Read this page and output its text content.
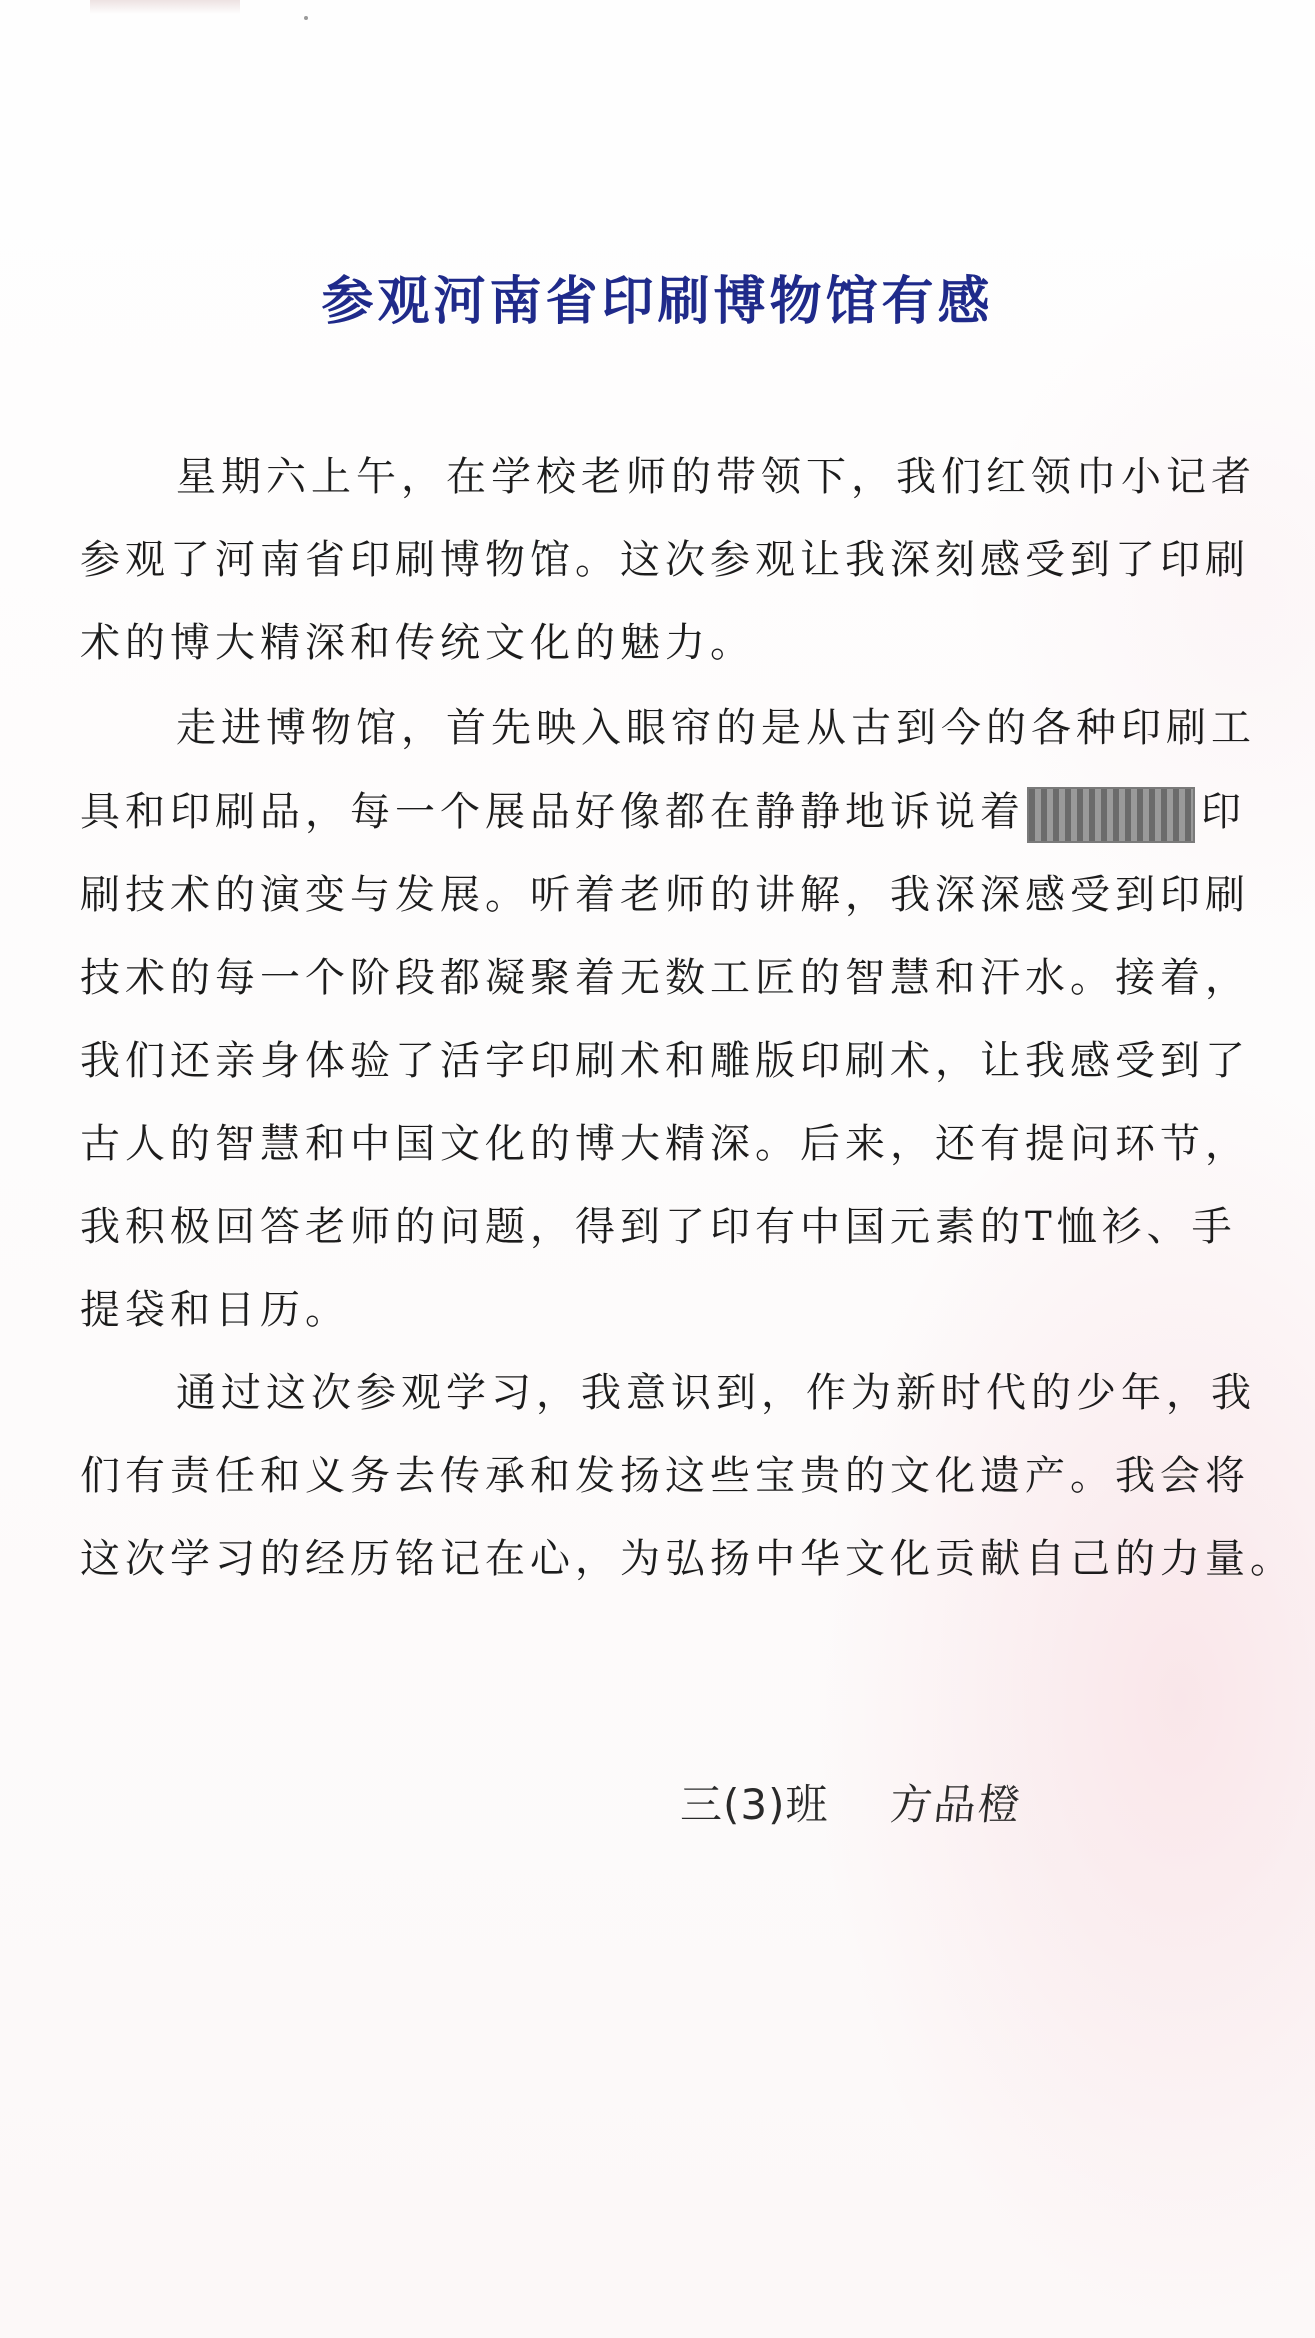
参观河南省印刷博物馆有感
星期六上午，在学校老师的带领下，我们红领巾小记者
参观了河南省印刷博物馆。这次参观让我深刻感受到了印刷
术的博大精深和传统文化的魅力。
走进博物馆，首先映入眼帘的是从古到今的各种印刷工
具和印刷品，每一个展品好像都在静静地诉说着	印
刷技术的演变与发展。听着老师的讲解，我深深感受到印刷
技术的每一个阶段都凝聚着无数工匠的智慧和汗水。接着，
我们还亲身体验了活字印刷术和雕版印刷术，让我感受到了
古人的智慧和中国文化的博大精深。后来，还有提问环节，
我积极回答老师的问题，得到了印有中国元素的T恤衫、手
提袋和日历。
通过这次参观学习，我意识到，作为新时代的少年，我
们有责任和义务去传承和发扬这些宝贵的文化遗产。我会将
这次学习的经历铭记在心，为弘扬中华文化贡献自己的力量。
三(3)班 方品橙
